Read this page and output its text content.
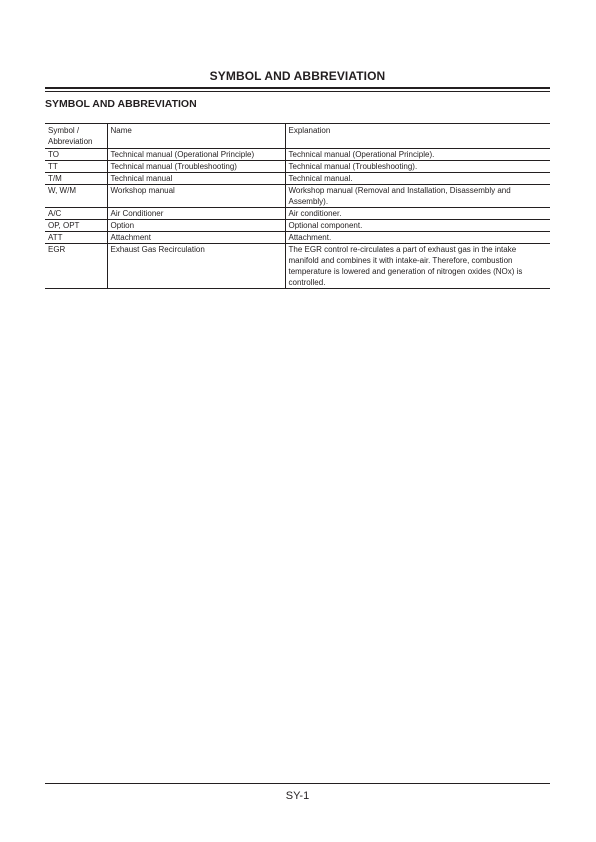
SYMBOL AND ABBREVIATION
SYMBOL AND ABBREVIATION
Symbol / Abbreviation	Name	Explanation
TO	Technical manual (Operational Principle)	Technical manual (Operational Principle).
TT	Technical manual (Troubleshooting)	Technical manual (Troubleshooting).
T/M	Technical manual	Technical manual.
W, W/M	Workshop manual	Workshop manual (Removal and Installation, Disassembly and Assembly).
A/C	Air Conditioner	Air conditioner.
OP, OPT	Option	Optional component.
ATT	Attachment	Attachment.
EGR	Exhaust Gas Recirculation	The EGR control re-circulates a part of exhaust gas in the intake manifold and combines it with intake-air. Therefore, combustion temperature is lowered and generation of nitrogen oxides (NOx) is controlled.
SY-1
